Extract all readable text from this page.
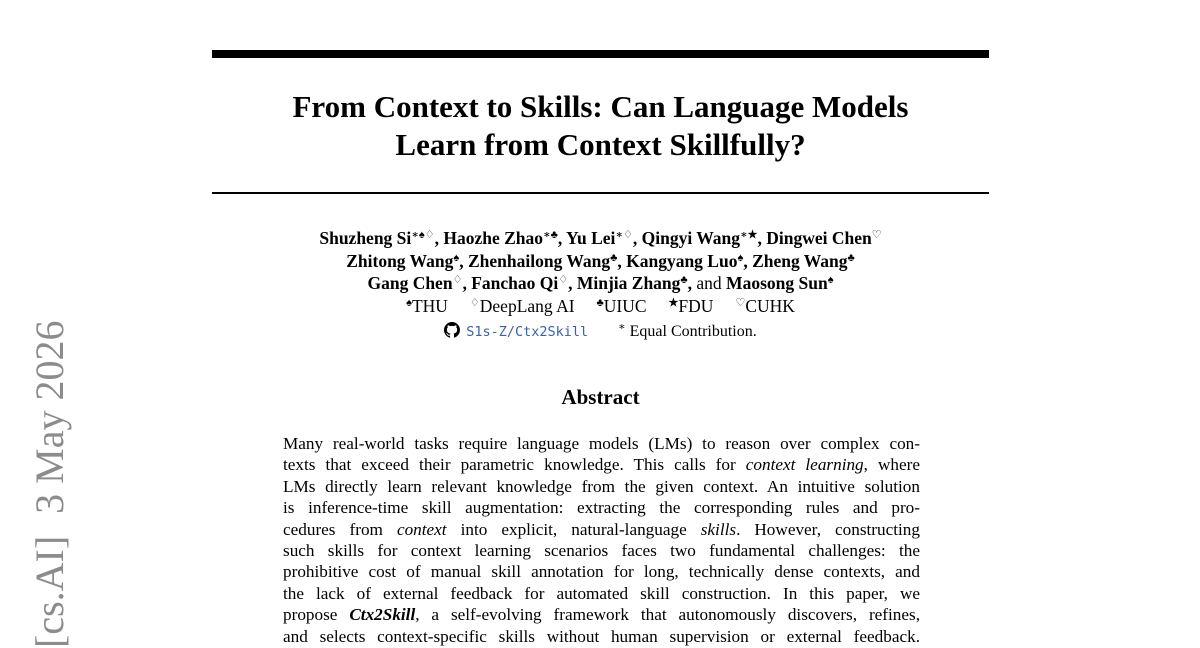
[cs.AI]3 May 2026
From Context to Skills: Can Language Models
Learn from Context Skillfully?
Shuzheng Si∗♠♢, Haozhe Zhao∗♣, Yu Lei∗♢, Qingyi Wang∗★, Dingwei Chen♡
Zhitong Wang♠, Zhenhailong Wang♣, Kangyang Luo♠, Zheng Wang♣
Gang Chen♢, Fanchao Qi♢, Minjia Zhang♣, and Maosong Sun♠
♠THU ♢DeepLang AI ♣UIUC ★FDU ♡CUHK
S1s-Z/Ctx2Skill	∗ Equal Contribution.
Abstract
Many real-world tasks require language models (LMs) to reason over complex con-
texts that exceed their parametric knowledge. This calls for context learning, where
LMs directly learn relevant knowledge from the given context. An intuitive solution
is inference-time skill augmentation: extracting the corresponding rules and pro-
cedures from context into explicit, natural-language skills. However, constructing
such skills for context learning scenarios faces two fundamental challenges: the
prohibitive cost of manual skill annotation for long, technically dense contexts, and
the lack of external feedback for automated skill construction. In this paper, we
propose Ctx2Skill, a self-evolving framework that autonomously discovers, refines,
and selects context-specific skills without human supervision or external feedback.
